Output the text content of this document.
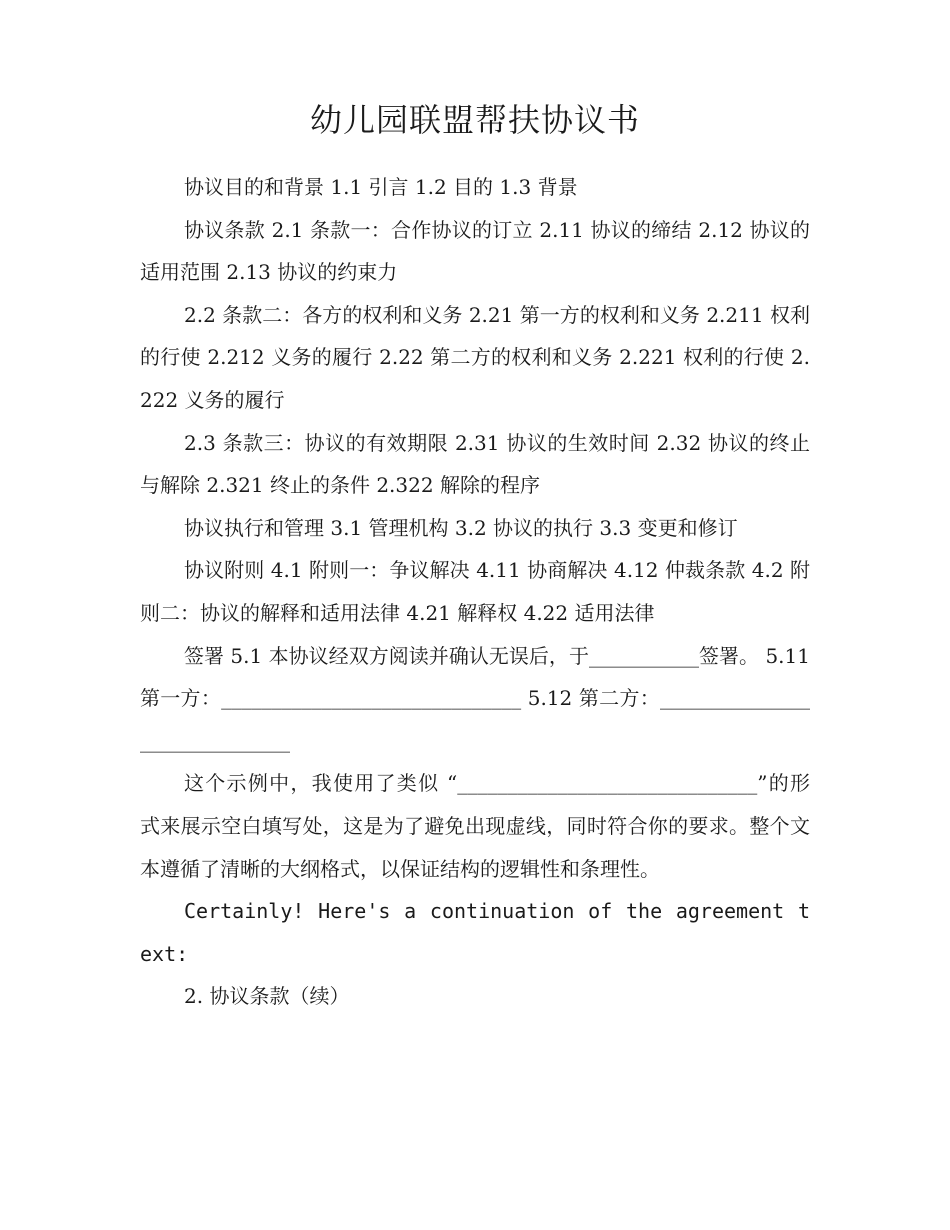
幼儿园联盟帮扶协议书

协议目的和背景 1.1 引言 1.2 目的 1.3 背景

协议条款 2.1 条款一：合作协议的订立 2.11 协议的缔结 2.12 协议的适用范围 2.13 协议的约束力

2.2 条款二：各方的权利和义务 2.21 第一方的权利和义务 2.211 权利的行使 2.212 义务的履行 2.22 第二方的权利和义务 2.221 权利的行使 2.222 义务的履行

2.3 条款三：协议的有效期限 2.31 协议的生效时间 2.32 协议的终止与解除 2.321 终止的条件 2.322 解除的程序

协议执行和管理 3.1 管理机构 3.2 协议的执行 3.3 变更和修订

协议附则 4.1 附则一：争议解决 4.11 协商解决 4.12 仲裁条款 4.2 附则二：协议的解释和适用法律 4.21 解释权 4.22 适用法律

签署 5.1 本协议经双方阅读并确认无误后，于___________签署。 5.11 第一方：______________________________ 5.12 第二方：______________________________

这个示例中，我使用了类似 “______________________________”的形式来展示空白填写处，这是为了避免出现虚线，同时符合你的要求。整个文本遵循了清晰的大纲格式，以保证结构的逻辑性和条理性。

Certainly! Here's a continuation of the agreement text:

2. 协议条款（续）
